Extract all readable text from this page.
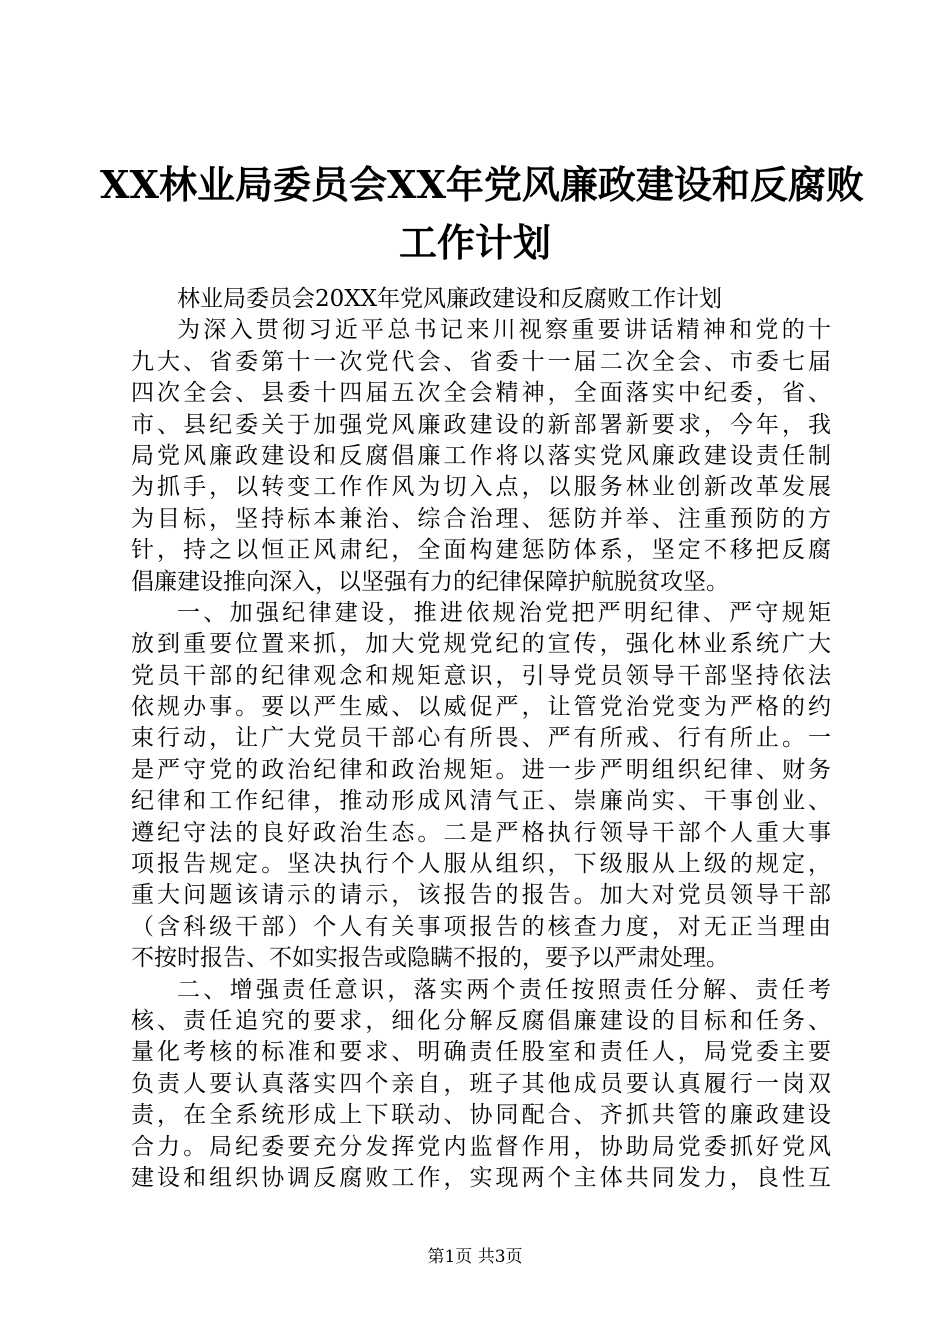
XX林业局委员会XX年党风廉政建设和反腐败
工作计划
林业局委员会20XX年党风廉政建设和反腐败工作计划
为深入贯彻习近平总书记来川视察重要讲话精神和党的十
九大、省委第十一次党代会、省委十一届二次全会、市委七届
四次全会、县委十四届五次全会精神，全面落实中纪委，省、
市、县纪委关于加强党风廉政建设的新部署新要求，今年，我
局党风廉政建设和反腐倡廉工作将以落实党风廉政建设责任制
为抓手，以转变工作作风为切入点，以服务林业创新改革发展
为目标，坚持标本兼治、综合治理、惩防并举、注重预防的方
针，持之以恒正风肃纪，全面构建惩防体系，坚定不移把反腐
倡廉建设推向深入，以坚强有力的纪律保障护航脱贫攻坚。
一、加强纪律建设，推进依规治党把严明纪律、严守规矩
放到重要位置来抓，加大党规党纪的宣传，强化林业系统广大
党员干部的纪律观念和规矩意识，引导党员领导干部坚持依法
依规办事。要以严生威、以威促严，让管党治党变为严格的约
束行动，让广大党员干部心有所畏、严有所戒、行有所止。一
是严守党的政治纪律和政治规矩。进一步严明组织纪律、财务
纪律和工作纪律，推动形成风清气正、崇廉尚实、干事创业、
遵纪守法的良好政治生态。二是严格执行领导干部个人重大事
项报告规定。坚决执行个人服从组织，下级服从上级的规定，
重大问题该请示的请示，该报告的报告。加大对党员领导干部
（含科级干部）个人有关事项报告的核查力度，对无正当理由
不按时报告、不如实报告或隐瞒不报的，要予以严肃处理。
二、增强责任意识，落实两个责任按照责任分解、责任考
核、责任追究的要求，细化分解反腐倡廉建设的目标和任务、
量化考核的标准和要求、明确责任股室和责任人，局党委主要
负责人要认真落实四个亲自，班子其他成员要认真履行一岗双
责，在全系统形成上下联动、协同配合、齐抓共管的廉政建设
合力。局纪委要充分发挥党内监督作用，协助局党委抓好党风
建设和组织协调反腐败工作，实现两个主体共同发力，良性互
第1页 共3页
